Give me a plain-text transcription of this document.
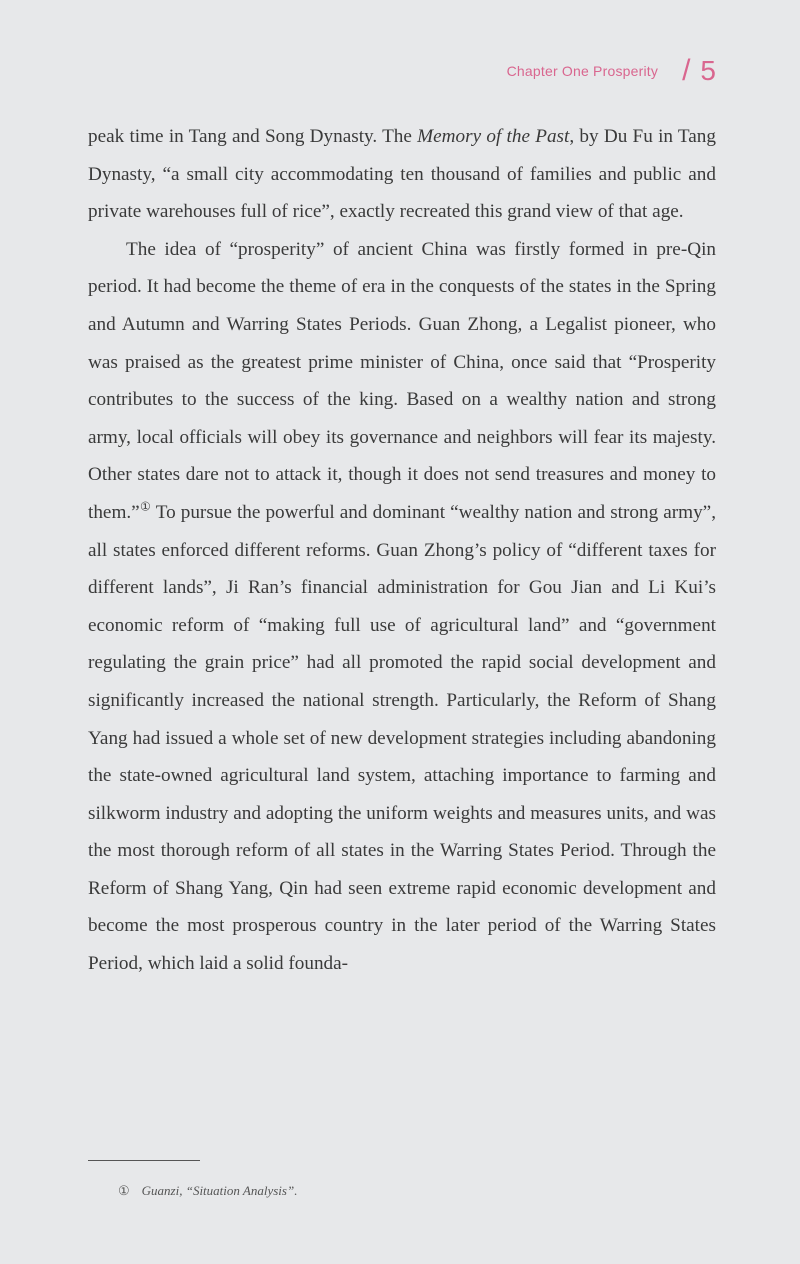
Chapter One Prosperity / 5

peak time in Tang and Song Dynasty. The Memory of the Past, by Du Fu in Tang Dynasty, “a small city accommodating ten thousand of families and public and private warehouses full of rice”, exactly recreated this grand view of that age.

The idea of “prosperity” of ancient China was firstly formed in pre-Qin period. It had become the theme of era in the conquests of the states in the Spring and Autumn and Warring States Periods. Guan Zhong, a Legalist pioneer, who was praised as the greatest prime minister of China, once said that “Prosperity contributes to the success of the king. Based on a wealthy nation and strong army, local officials will obey its governance and neighbors will fear its majesty. Other states dare not to attack it, though it does not send treasures and money to them.”① To pursue the powerful and dominant “wealthy nation and strong army”, all states enforced different reforms. Guan Zhong’s policy of “different taxes for different lands”, Ji Ran’s financial administration for Gou Jian and Li Kui’s economic reform of “making full use of agricultural land” and “government regulating the grain price” had all promoted the rapid social development and significantly increased the national strength. Particularly, the Reform of Shang Yang had issued a whole set of new development strategies including abandoning the state-owned agricultural land system, attaching importance to farming and silkworm industry and adopting the uniform weights and measures units, and was the most thorough reform of all states in the Warring States Period. Through the Reform of Shang Yang, Qin had seen extreme rapid economic development and become the most prosperous country in the later period of the Warring States Period, which laid a solid founda-

① Guanzi, “Situation Analysis”.
